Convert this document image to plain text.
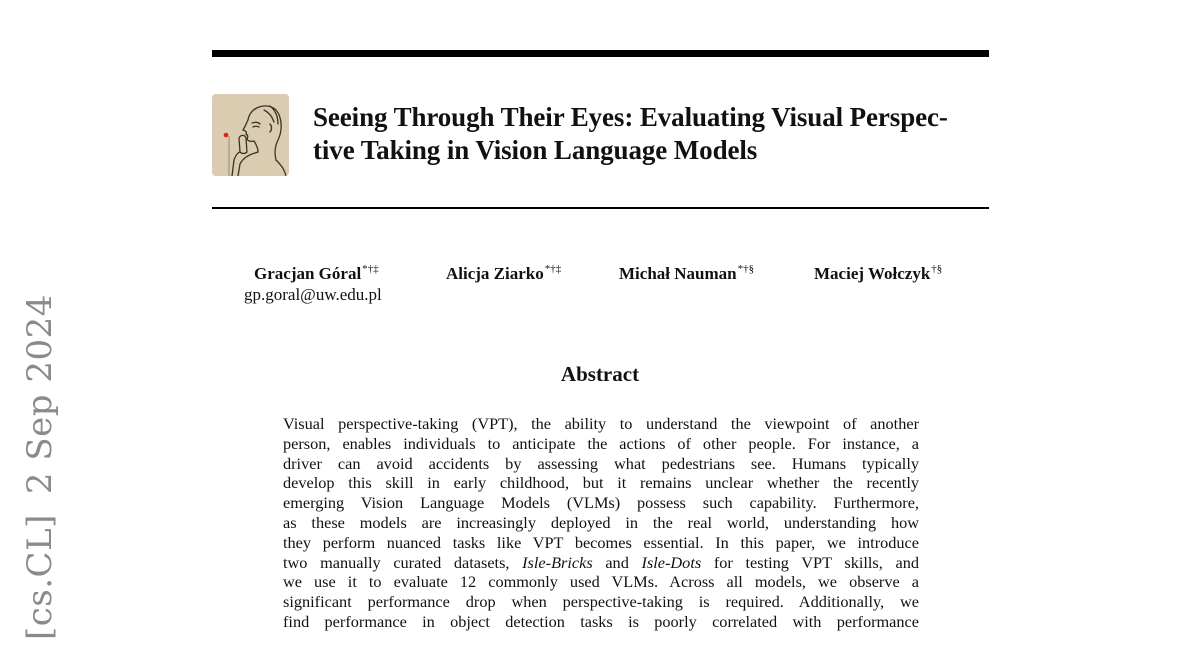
Seeing Through Their Eyes: Evaluating Visual Perspec-
tive Taking in Vision Language Models
Gracjan Góral*†‡	Alicja Ziarko*†‡	Michał Nauman*†§	Maciej Wołczyk†§
gp.goral@uw.edu.pl
Abstract
Visual perspective-taking (VPT), the ability to understand the viewpoint of another
person, enables individuals to anticipate the actions of other people. For instance, a
driver can avoid accidents by assessing what pedestrians see. Humans typically
develop this skill in early childhood, but it remains unclear whether the recently
emerging Vision Language Models (VLMs) possess such capability. Furthermore,
as these models are increasingly deployed in the real world, understanding how
they perform nuanced tasks like VPT becomes essential. In this paper, we introduce
two manually curated datasets, Isle-Bricks and Isle-Dots for testing VPT skills, and
we use it to evaluate 12 commonly used VLMs. Across all models, we observe a
significant performance drop when perspective-taking is required. Additionally, we
find performance in object detection tasks is poorly correlated with performance
[cs.CL]2 Sep 2024
